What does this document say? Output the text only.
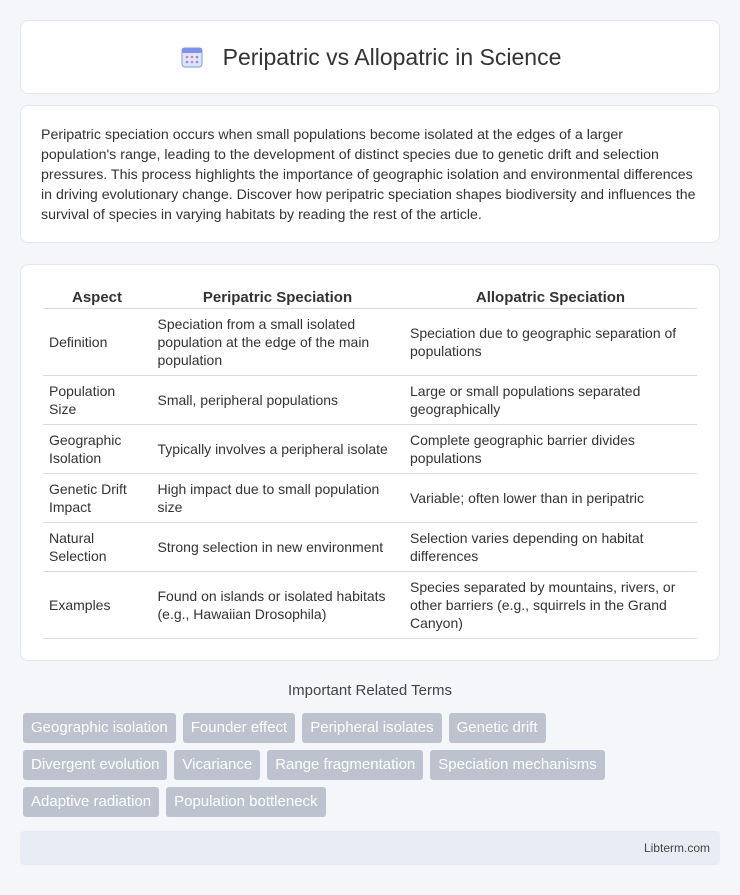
Peripatric vs Allopatric in Science

Peripatric speciation occurs when small populations become isolated at the edges of a larger population's range, leading to the development of distinct species due to genetic drift and selection pressures. This process highlights the importance of geographic isolation and environmental differences in driving evolutionary change. Discover how peripatric speciation shapes biodiversity and influences the survival of species in varying habitats by reading the rest of the article.

Aspect	Peripatric Speciation	Allopatric Speciation
Definition	Speciation from a small isolated population at the edge of the main population	Speciation due to geographic separation of populations
Population Size	Small, peripheral populations	Large or small populations separated geographically
Geographic Isolation	Typically involves a peripheral isolate	Complete geographic barrier divides populations
Genetic Drift Impact	High impact due to small population size	Variable; often lower than in peripatric
Natural Selection	Strong selection in new environment	Selection varies depending on habitat differences
Examples	Found on islands or isolated habitats (e.g., Hawaiian Drosophila)	Species separated by mountains, rivers, or other barriers (e.g., squirrels in the Grand Canyon)
Important Related Terms
Geographic isolation	Founder effect	Peripheral isolates	Genetic drift
Divergent evolution	Vicariance	Range fragmentation	Speciation mechanisms
Adaptive radiation	Population bottleneck
Libterm.com
